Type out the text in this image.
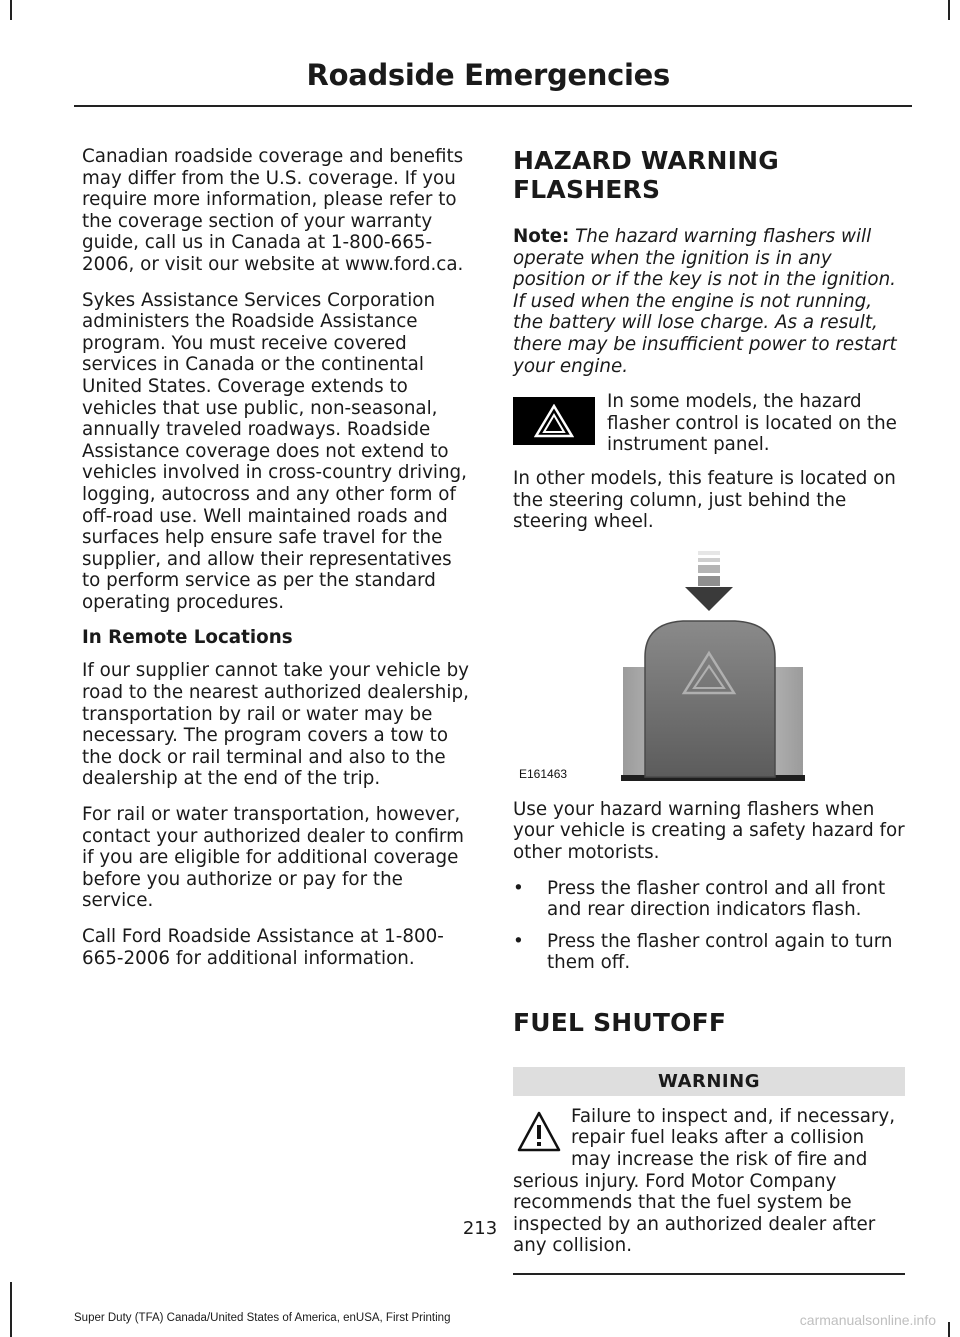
Roadside Emergencies

Canadian roadside coverage and benefits may differ from the U.S. coverage. If you require more information, please refer to the coverage section of your warranty guide, call us in Canada at 1-800-665-2006, or visit our website at www.ford.ca.

Sykes Assistance Services Corporation administers the Roadside Assistance program. You must receive covered services in Canada or the continental United States. Coverage extends to vehicles that use public, non-seasonal, annually traveled roadways. Roadside Assistance coverage does not extend to vehicles involved in cross-country driving, logging, autocross and any other form of off-road use. Well maintained roads and surfaces help ensure safe travel for the supplier, and allow their representatives to perform service as per the standard operating procedures.

In Remote Locations

If our supplier cannot take your vehicle by road to the nearest authorized dealership, transportation by rail or water may be necessary. The program covers a tow to the dock or rail terminal and also to the dealership at the end of the trip.

For rail or water transportation, however, contact your authorized dealer to confirm if you are eligible for additional coverage before you authorize or pay for the service.

Call Ford Roadside Assistance at 1-800-665-2006 for additional information.

HAZARD WARNING FLASHERS

Note: The hazard warning flashers will operate when the ignition is in any position or if the key is not in the ignition. If used when the engine is not running, the battery will lose charge. As a result, there may be insufficient power to restart your engine.

In some models, the hazard flasher control is located on the instrument panel.

In other models, this feature is located on the steering column, just behind the steering wheel.

E161463

Use your hazard warning flashers when your vehicle is creating a safety hazard for other motorists.

• Press the flasher control and all front and rear direction indicators flash.
• Press the flasher control again to turn them off.
FUEL SHUTOFF
WARNING
Failure to inspect and, if necessary, repair fuel leaks after a collision may increase the risk of fire and serious injury. Ford Motor Company recommends that the fuel system be inspected by an authorized dealer after any collision.
213
Super Duty (TFA) Canada/United States of America, enUSA, First Printing	carmanualsonline.info
